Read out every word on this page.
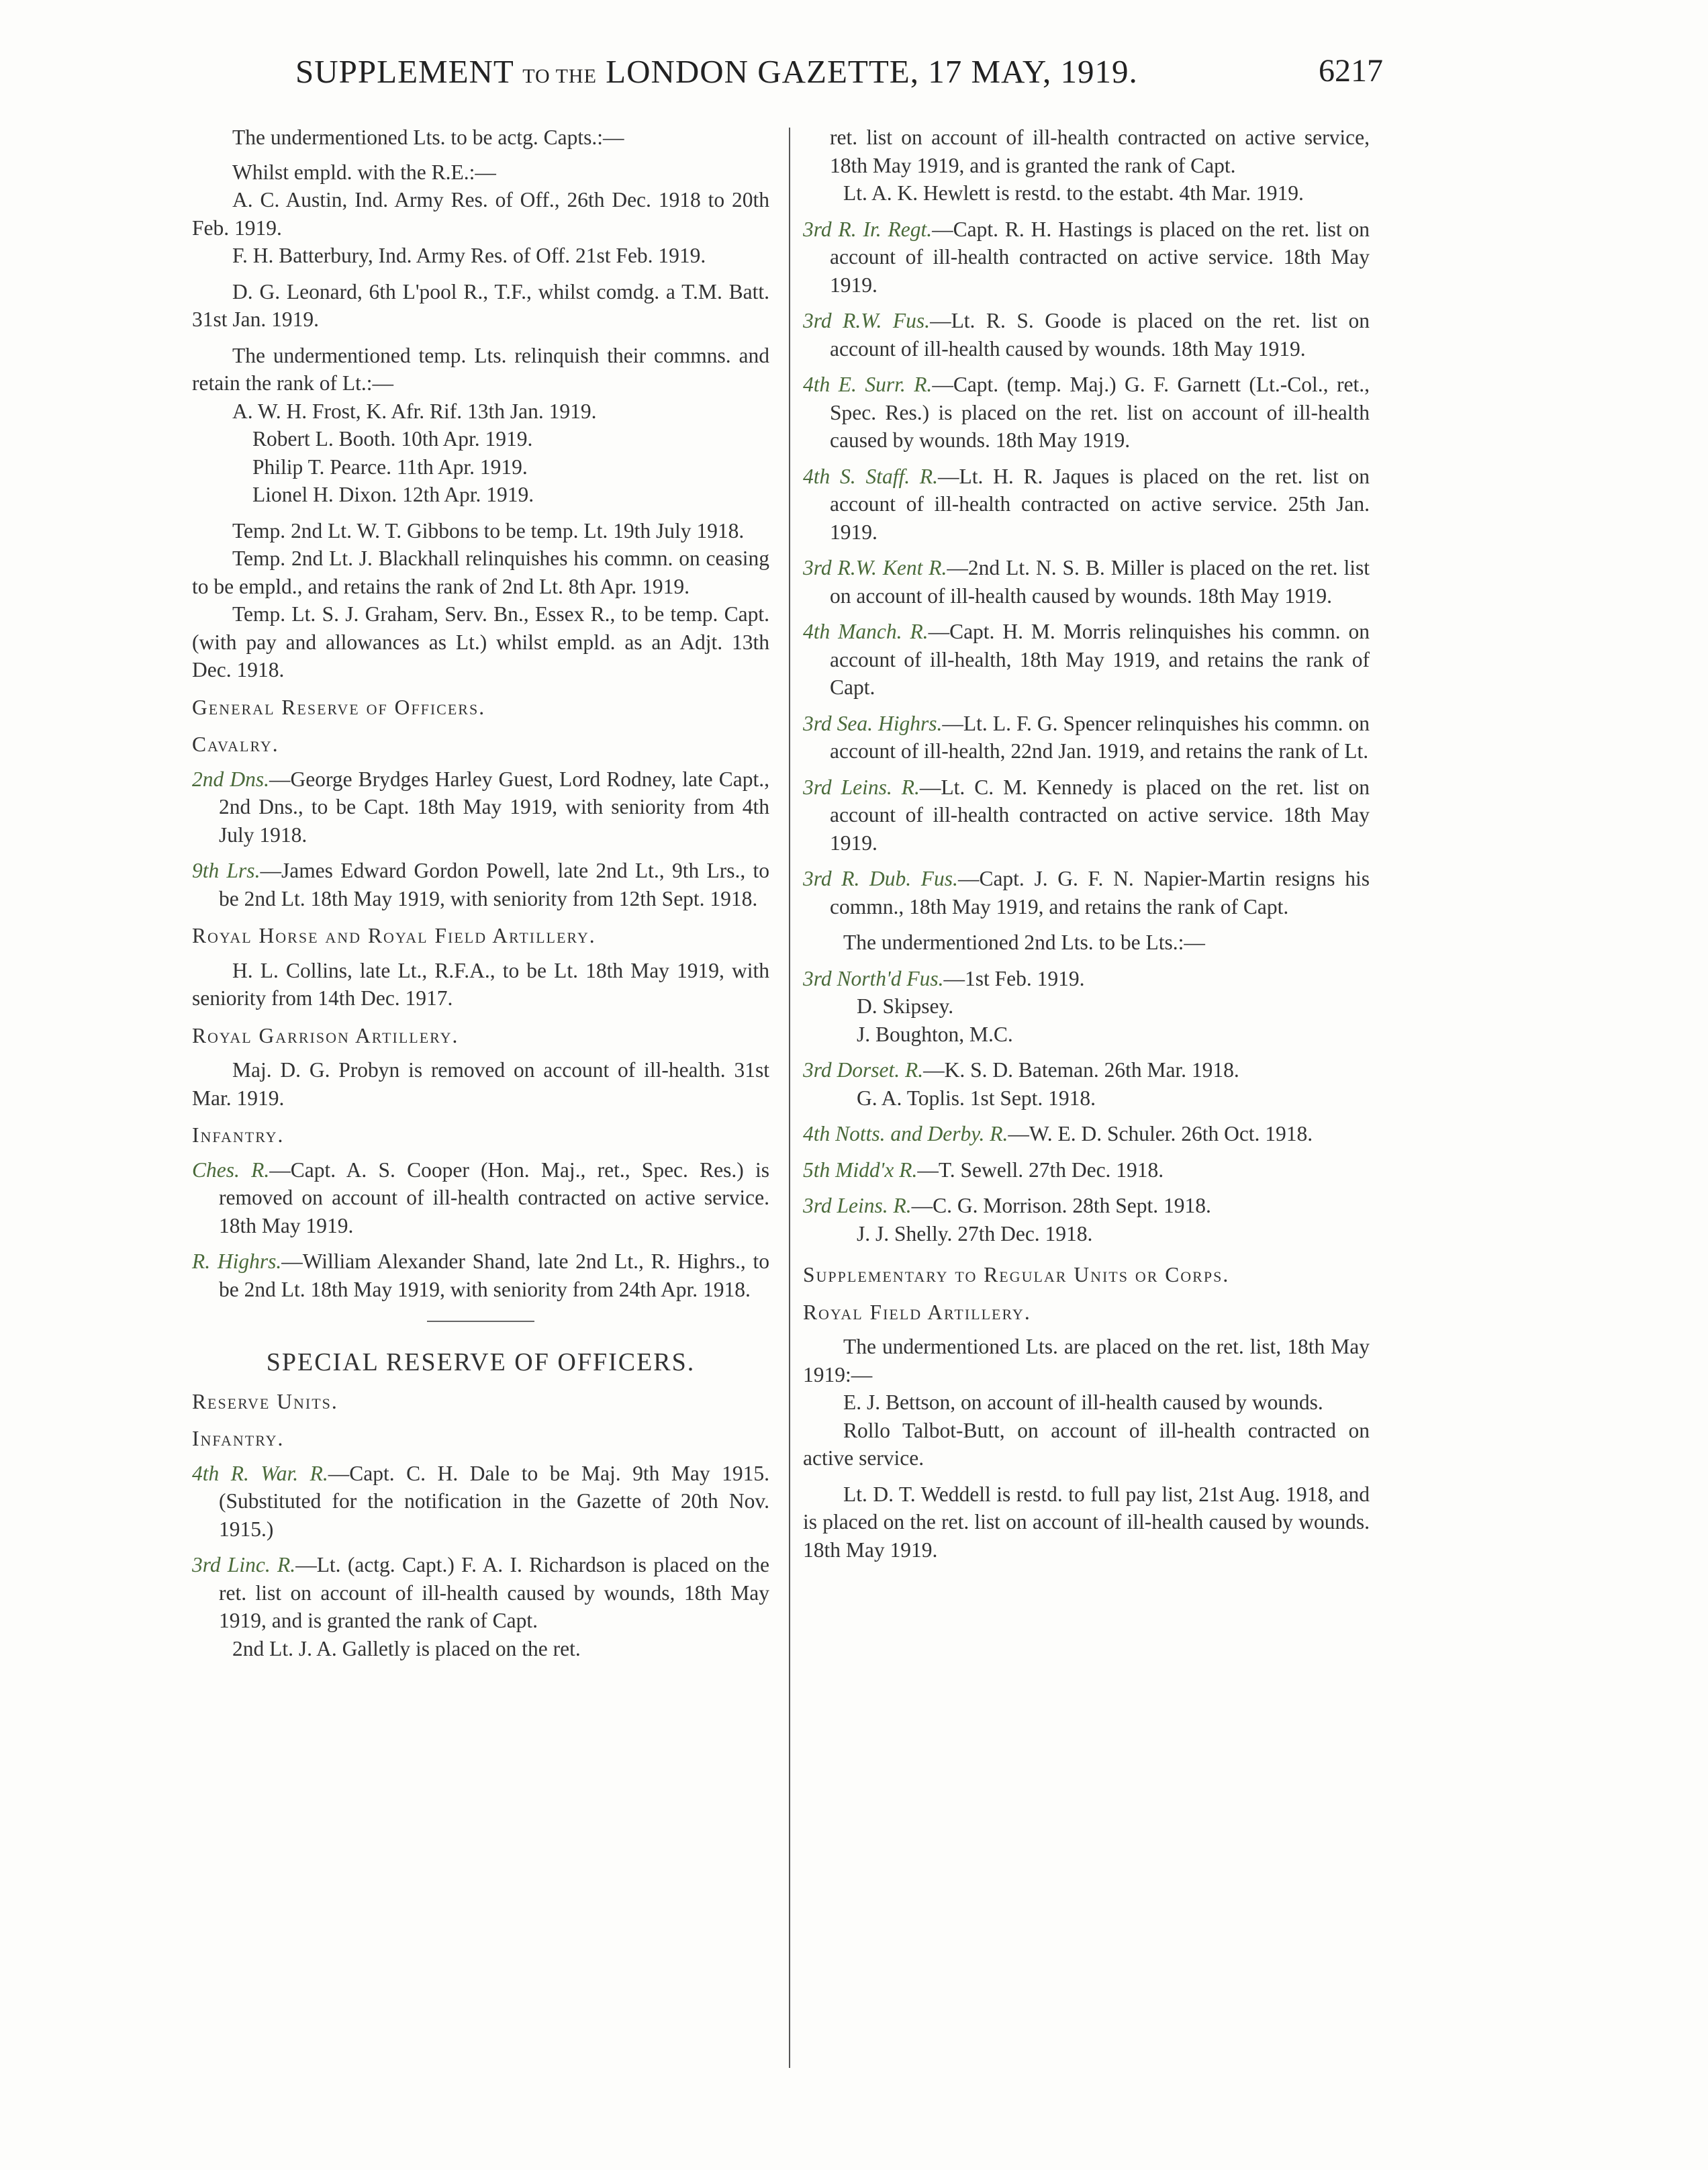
SUPPLEMENT TO THE LONDON GAZETTE, 17 MAY, 1919.	6217

The undermentioned Lts. to be actg. Capts.:—

Whilst empld. with the R.E.:—

A. C. Austin, Ind. Army Res. of Off., 26th Dec. 1918 to 20th Feb. 1919.

F. H. Batterbury, Ind. Army Res. of Off. 21st Feb. 1919.

D. G. Leonard, 6th L'pool R., T.F., whilst comdg. a T.M. Batt. 31st Jan. 1919.

The undermentioned temp. Lts. relinquish their commns. and retain the rank of Lt.:—

A. W. H. Frost, K. Afr. Rif. 13th Jan. 1919.

Robert L. Booth. 10th Apr. 1919.

Philip T. Pearce. 11th Apr. 1919.

Lionel H. Dixon. 12th Apr. 1919.

Temp. 2nd Lt. W. T. Gibbons to be temp. Lt. 19th July 1918.

Temp. 2nd Lt. J. Blackhall relinquishes his commn. on ceasing to be empld., and retains the rank of 2nd Lt. 8th Apr. 1919.

Temp. Lt. S. J. Graham, Serv. Bn., Essex R., to be temp. Capt. (with pay and allowances as Lt.) whilst empld. as an Adjt. 13th Dec. 1918.

General Reserve of Officers.

Cavalry.

2nd Dns.—George Brydges Harley Guest, Lord Rodney, late Capt., 2nd Dns., to be Capt. 18th May 1919, with seniority from 4th July 1918.

9th Lrs.—James Edward Gordon Powell, late 2nd Lt., 9th Lrs., to be 2nd Lt. 18th May 1919, with seniority from 12th Sept. 1918.

Royal Horse and Royal Field Artillery.

H. L. Collins, late Lt., R.F.A., to be Lt. 18th May 1919, with seniority from 14th Dec. 1917.

Royal Garrison Artillery.

Maj. D. G. Probyn is removed on account of ill-health. 31st Mar. 1919.

Infantry.

Ches. R.—Capt. A. S. Cooper (Hon. Maj., ret., Spec. Res.) is removed on account of ill-health contracted on active service. 18th May 1919.

R. Highrs.—William Alexander Shand, late 2nd Lt., R. Highrs., to be 2nd Lt. 18th May 1919, with seniority from 24th Apr. 1918.

SPECIAL RESERVE OF OFFICERS.

Reserve Units.

Infantry.

4th R. War. R.—Capt. C. H. Dale to be Maj. 9th May 1915. (Substituted for the notification in the Gazette of 20th Nov. 1915.)

3rd Linc. R.—Lt. (actg. Capt.) F. A. I. Richardson is placed on the ret. list on account of ill-health caused by wounds, 18th May 1919, and is granted the rank of Capt.

2nd Lt. J. A. Galletly is placed on the ret.

ret. list on account of ill-health contracted on active service, 18th May 1919, and is granted the rank of Capt.

Lt. A. K. Hewlett is restd. to the estabt. 4th Mar. 1919.

3rd R. Ir. Regt.—Capt. R. H. Hastings is placed on the ret. list on account of ill-health contracted on active service. 18th May 1919.

3rd R.W. Fus.—Lt. R. S. Goode is placed on the ret. list on account of ill-health caused by wounds. 18th May 1919.

4th E. Surr. R.—Capt. (temp. Maj.) G. F. Garnett (Lt.-Col., ret., Spec. Res.) is placed on the ret. list on account of ill-health caused by wounds. 18th May 1919.

4th S. Staff. R.—Lt. H. R. Jaques is placed on the ret. list on account of ill-health contracted on active service. 25th Jan. 1919.

3rd R.W. Kent R.—2nd Lt. N. S. B. Miller is placed on the ret. list on account of ill-health caused by wounds. 18th May 1919.

4th Manch. R.—Capt. H. M. Morris relinquishes his commn. on account of ill-health, 18th May 1919, and retains the rank of Capt.

3rd Sea. Highrs.—Lt. L. F. G. Spencer relinquishes his commn. on account of ill-health, 22nd Jan. 1919, and retains the rank of Lt.

3rd Leins. R.—Lt. C. M. Kennedy is placed on the ret. list on account of ill-health contracted on active service. 18th May 1919.

3rd R. Dub. Fus.—Capt. J. G. F. N. Napier-Martin resigns his commn., 18th May 1919, and retains the rank of Capt.

The undermentioned 2nd Lts. to be Lts.:—

3rd North'd Fus.—1st Feb. 1919.

D. Skipsey.

J. Boughton, M.C.

3rd Dorset. R.—K. S. D. Bateman. 26th Mar. 1918.

G. A. Toplis. 1st Sept. 1918.

4th Notts. and Derby. R.—W. E. D. Schuler. 26th Oct. 1918.

5th Midd'x R.—T. Sewell. 27th Dec. 1918.

3rd Leins. R.—C. G. Morrison. 28th Sept. 1918.

J. J. Shelly. 27th Dec. 1918.

Supplementary to Regular Units or Corps.

Royal Field Artillery.

The undermentioned Lts. are placed on the ret. list, 18th May 1919:—

E. J. Bettson, on account of ill-health caused by wounds.

Rollo Talbot-Butt, on account of ill-health contracted on active service.

Lt. D. T. Weddell is restd. to full pay list, 21st Aug. 1918, and is placed on the ret. list on account of ill-health caused by wounds. 18th May 1919.
